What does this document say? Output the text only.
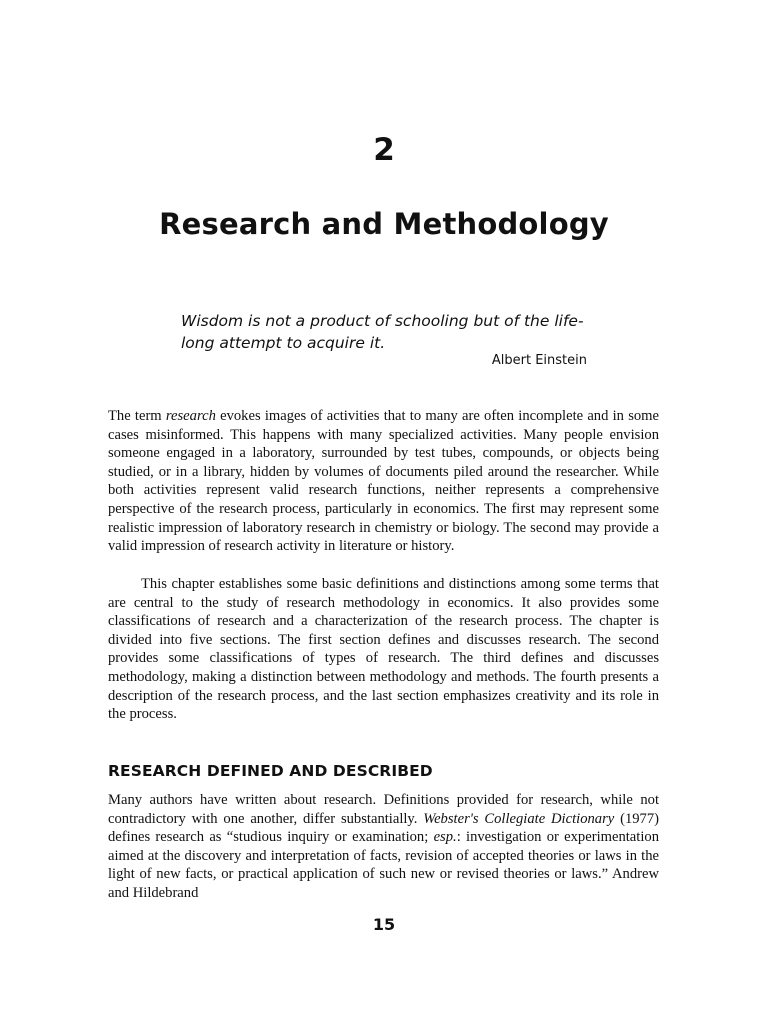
2
Research and Methodology
Wisdom is not a product of schooling but of the life-long attempt to acquire it.
Albert Einstein
The term research evokes images of activities that to many are often incomplete and in some cases misinformed. This happens with many specialized activities. Many people envision someone engaged in a laboratory, surrounded by test tubes, compounds, or objects being studied, or in a library, hidden by volumes of documents piled around the researcher. While both activities represent valid research functions, neither represents a comprehensive perspective of the research process, particularly in economics. The first may represent some realistic impression of laboratory research in chemistry or biology. The second may provide a valid impression of research activity in literature or history.
This chapter establishes some basic definitions and distinctions among some terms that are central to the study of research methodology in economics. It also provides some classifications of research and a characterization of the research process. The chapter is divided into five sections. The first section defines and discusses research. The second provides some classifications of types of research. The third defines and discusses methodology, making a distinction between methodology and methods. The fourth presents a description of the research process, and the last section emphasizes creativity and its role in the process.
RESEARCH DEFINED AND DESCRIBED
Many authors have written about research. Definitions provided for research, while not contradictory with one another, differ substantially. Webster's Collegiate Dictionary (1977) defines research as “studious inquiry or examination; esp.: investigation or experimentation aimed at the discovery and interpretation of facts, revision of accepted theories or laws in the light of new facts, or practical application of such new or revised theories or laws.” Andrew and Hildebrand
15
